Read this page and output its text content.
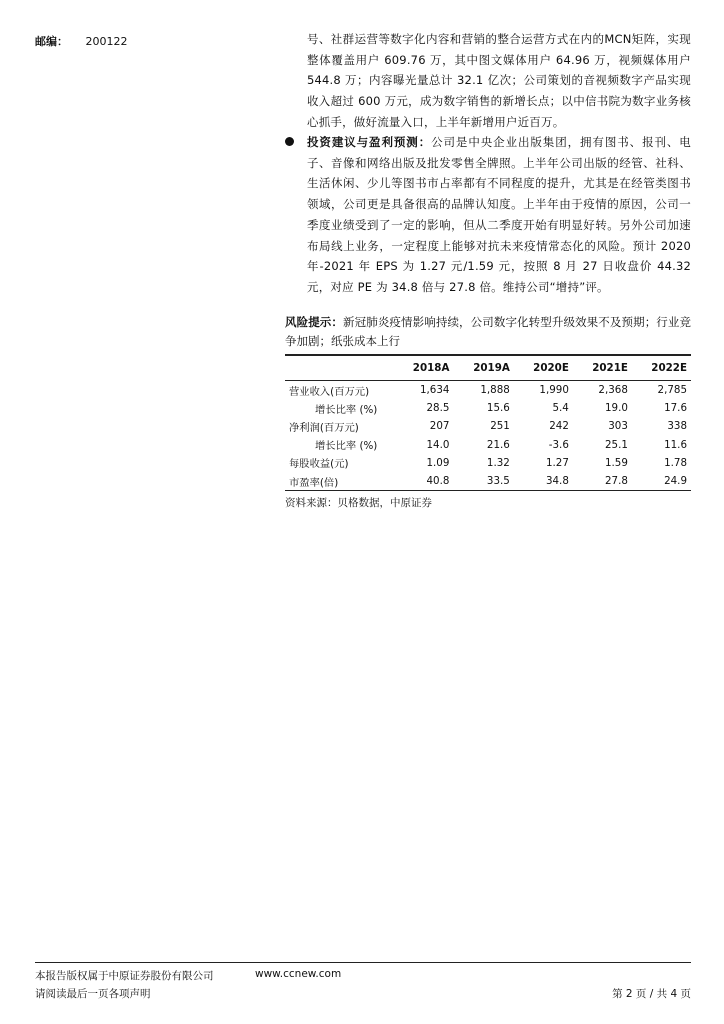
邮编： 200122	号、社群运营等数字化内容和营销的整合运营方式在内的MCN矩阵，实现整体覆盖用户 609.76 万，其中图文媒体用户 64.96 万，视频媒体用户 544.8 万；内容曝光量总计 32.1 亿次；公司策划的音视频数字产品实现收入超过 600 万元，成为数字销售的新增长点；以中信书院为数字业务核心抓手，做好流量入口，上半年新增用户近百万。
投资建议与盈利预测：公司是中央企业出版集团，拥有图书、报刊、电子、音像和网络出版及批发零售全牌照。上半年公司出版的经管、社科、生活休闲、少儿等图书市占率都有不同程度的提升，尤其是在经管类图书领域，公司更是具备很高的品牌认知度。上半年由于疫情的原因，公司一季度业绩受到了一定的影响，但从二季度开始有明显好转。另外公司加速布局线上业务，一定程度上能够对抗未来疫情常态化的风险。预计 2020 年-2021 年 EPS 为 1.27 元/1.59 元，按照 8 月 27 日收盘价 44.32 元，对应 PE 为 34.8 倍与 27.8 倍。维持公司“增持”评。
风险提示：新冠肺炎疫情影响持续，公司数字化转型升级效果不及预期；行业竞争加剧；纸张成本上行
	2018A	2019A	2020E	2021E	2022E
营业收入(百万元)	1,634	1,888	1,990	2,368	2,785
增长比率 (%)	28.5	15.6	5.4	19.0	17.6
净利润(百万元)	207	251	242	303	338
增长比率 (%)	14.0	21.6	-3.6	25.1	11.6
每股收益(元)	1.09	1.32	1.27	1.59	1.78
市盈率(倍)	40.8	33.5	34.8	27.8	24.9
资料来源：贝格数据，中原证券
本报告版权属于中原证券股份有限公司	www.ccnew.com
请阅读最后一页各项声明	第 2 页 / 共 4 页
